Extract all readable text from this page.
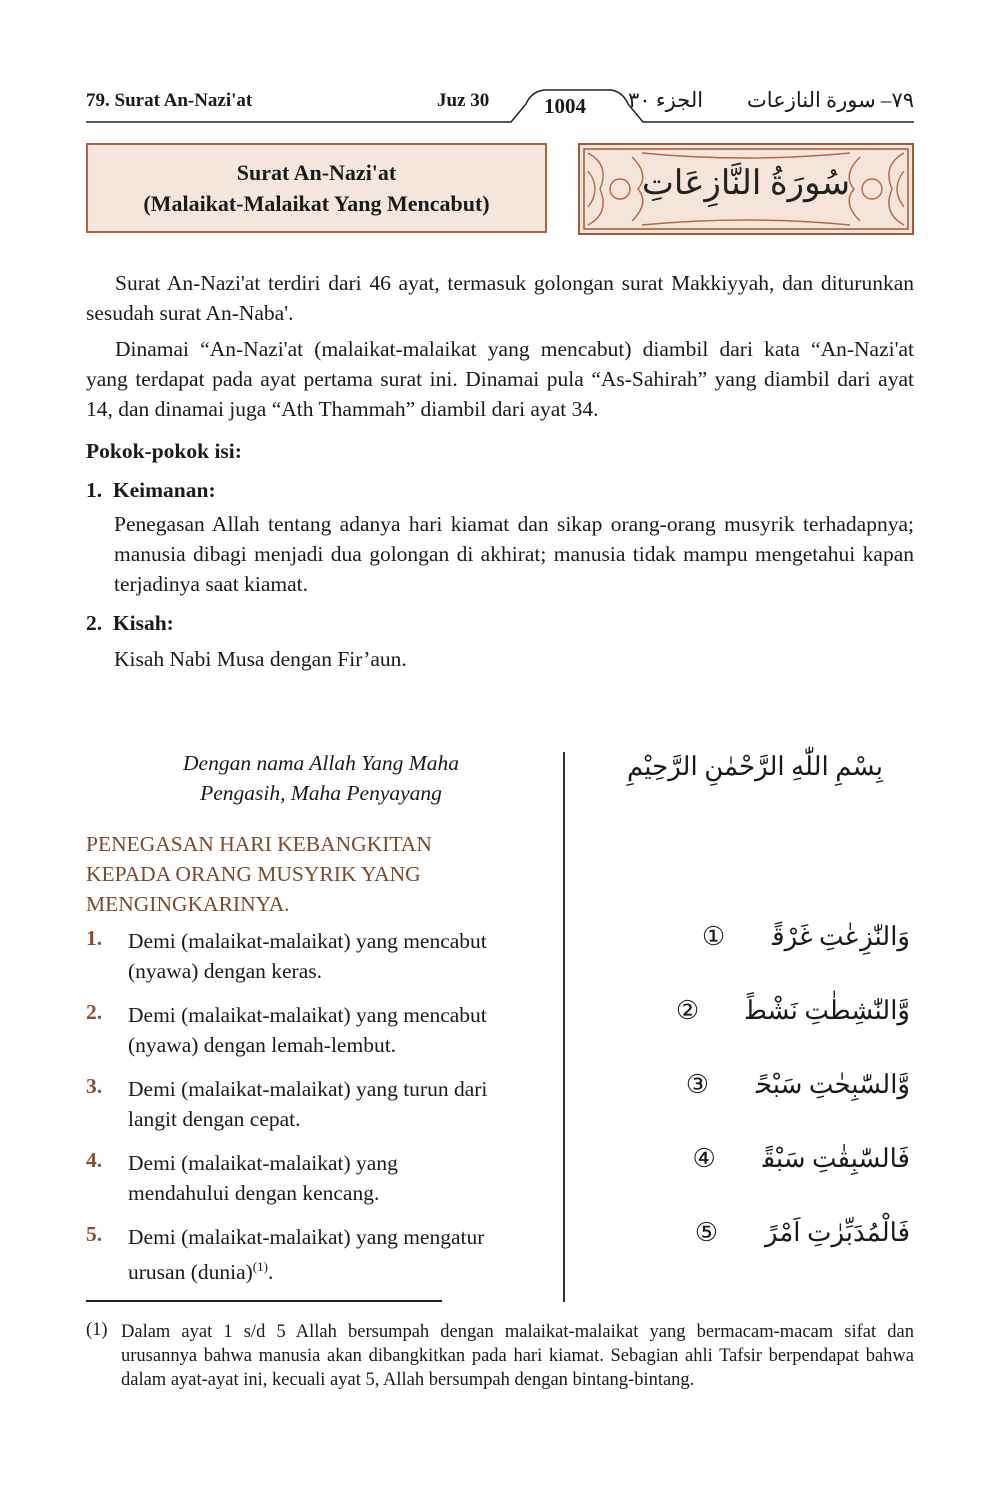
79. Surat An-Nazi'at	Juz 30	1004	الجزء ٣٠ ٧٩– سورة النازعات
Surat An-Nazi'at
(Malaikat-Malaikat Yang Mencabut)
سُورَةُ النَّازِعَاتِ

Surat An-Nazi'at terdiri dari 46 ayat, termasuk golongan surat Makkiyyah, dan diturunkan sesudah surat An-Naba'.

Dinamai “An-Nazi'at (malaikat-malaikat yang mencabut) diambil dari kata “An-Nazi'at yang terdapat pada ayat pertama surat ini. Dinamai pula “As-Sahirah” yang diambil dari ayat 14, dan dinamai juga “Ath Thammah” diambil dari ayat 34.

Pokok-pokok isi:
1.  Keimanan:
Penegasan Allah tentang adanya hari kiamat dan sikap orang-orang musyrik terhadapnya; manusia dibagi menjadi dua golongan di akhirat; manusia tidak mampu mengetahui kapan terjadinya saat kiamat.
2.  Kisah:
Kisah Nabi Musa dengan Fir’aun.
Dengan nama Allah Yang Maha
Pengasih, Maha Penyayang
بِسْمِ اللّٰهِ الرَّحْمٰنِ الرَّحِيْمِ
PENEGASAN HARI KEBANGKITAN
KEPADA ORANG MUSYRIK YANG
MENGINGKARINYA.
1. Demi (malaikat-malaikat) yang mencabut
(nyawa) dengan keras.
وَالنّٰزِعٰتِ غَرْقًاۙ ①
2. Demi (malaikat-malaikat) yang mencabut
(nyawa) dengan lemah-lembut.
وَّالنّٰشِطٰتِ نَشْطًاۙ ②
3. Demi (malaikat-malaikat) yang turun dari
langit dengan cepat.
وَّالسّٰبِحٰتِ سَبْحًاۙ ③
4. Demi (malaikat-malaikat) yang
mendahului dengan kencang.
فَالسّٰبِقٰتِ سَبْقًاۙ ④
5. Demi (malaikat-malaikat) yang mengatur
urusan (dunia)$^{(1)}$.
فَالْمُدَبِّرٰتِ اَمْرًاۘ ⑤
(1) Dalam ayat 1 s/d 5 Allah bersumpah dengan malaikat-malaikat yang bermacam-macam sifat dan urusannya bahwa manusia akan dibangkitkan pada hari kiamat. Sebagian ahli Tafsir berpendapat bahwa dalam ayat-ayat ini, kecuali ayat 5, Allah bersumpah dengan bintang-bintang.
